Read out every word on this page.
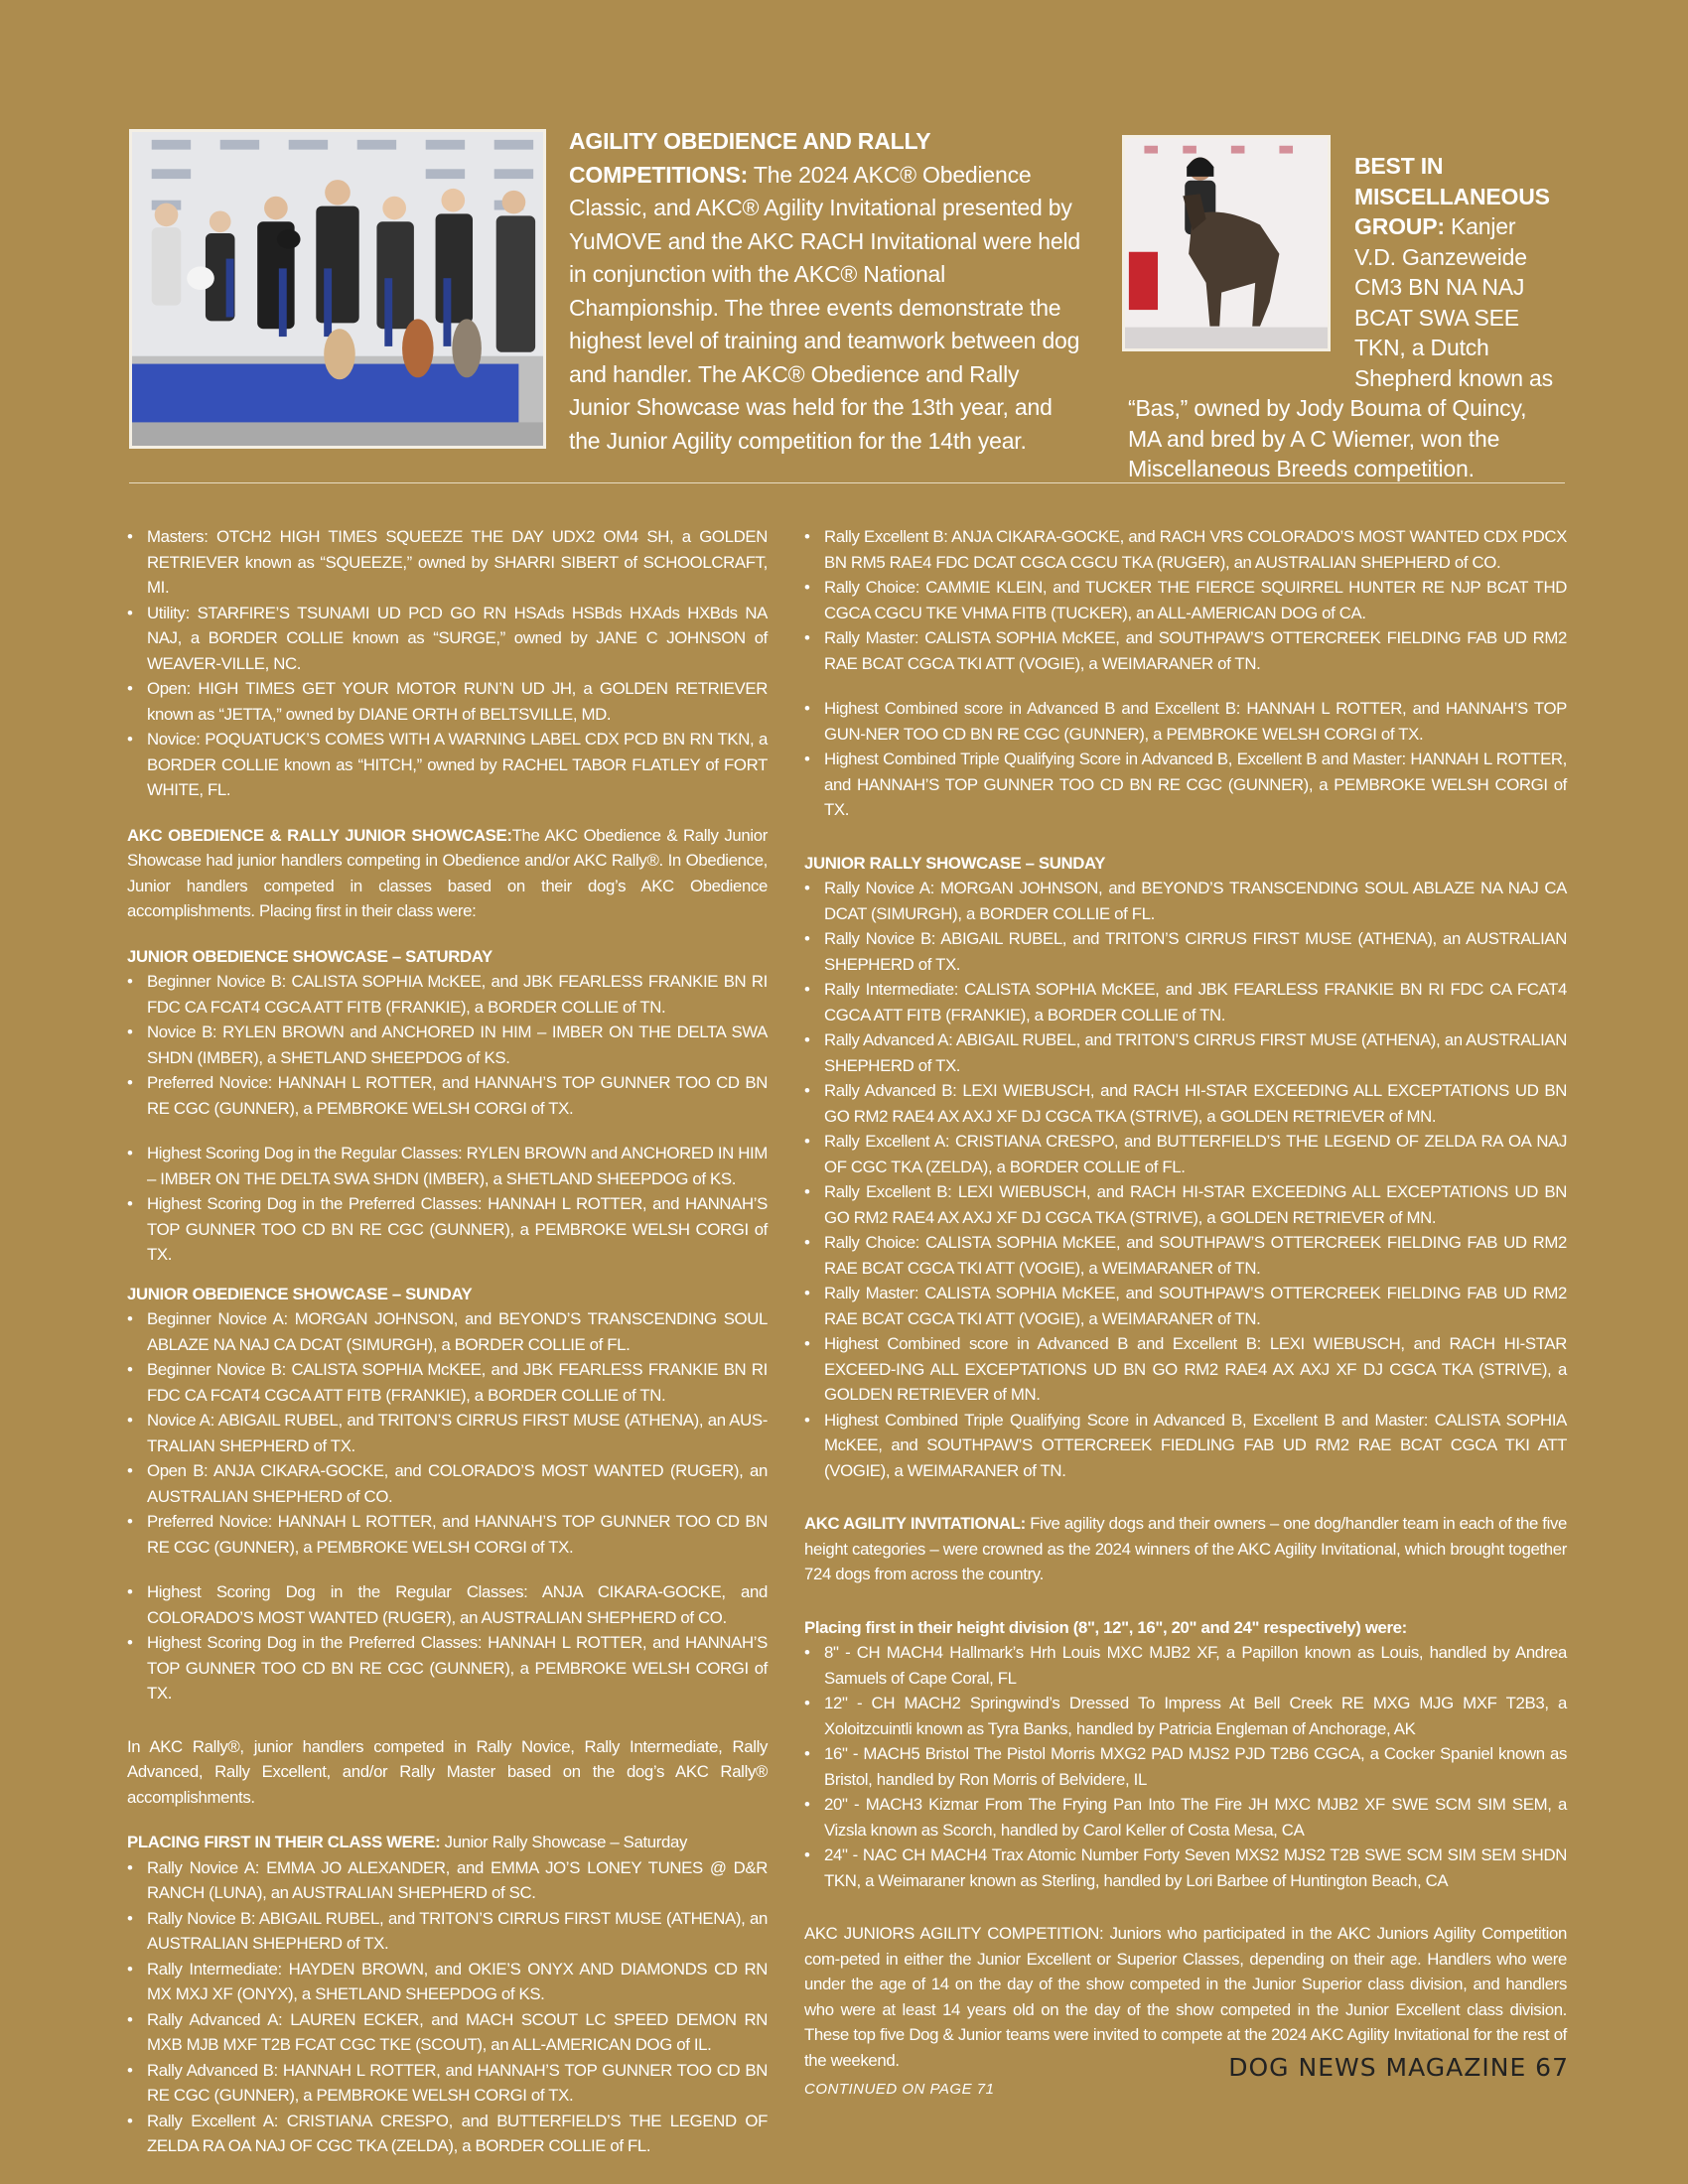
AGILITY OBEDIENCE AND RALLY COMPETITIONS: The 2024 AKC® Obedience Classic, and AKC® Agility Invitational presented by YuMOVE and the AKC RACH Invitational were held in conjunction with the AKC® National Championship. The three events demonstrate the highest level of training and teamwork between dog and handler. The AKC® Obedience and Rally Junior Showcase was held for the 13th year, and the Junior Agility competition for the 14th year.
BEST IN MISCELLANEOUS GROUP: Kanjer V.D. Ganzeweide CM3 BN NA NAJ BCAT SWA SEE TKN, a Dutch Shepherd known as “Bas,” owned by Jody Bouma of Quincy, MA and bred by A C Wiemer, won the Miscellaneous Breeds competition.
• Masters: OTCH2 HIGH TIMES SQUEEZE THE DAY UDX2 OM4 SH, a GOLDEN RETRIEVER known as “SQUEEZE,” owned by SHARRI SIBERT of SCHOOLCRAFT, MI.
• Utility: STARFIRE’S TSUNAMI UD PCD GO RN HSAds HSBds HXAds HXBds NA NAJ, a BORDER COLLIE known as “SURGE,” owned by JANE C JOHNSON of WEAVER-VILLE, NC.
• Open: HIGH TIMES GET YOUR MOTOR RUN’N UD JH, a GOLDEN RETRIEVER known as “JETTA,” owned by DIANE ORTH of BELTSVILLE, MD.
• Novice: POQUATUCK’S COMES WITH A WARNING LABEL CDX PCD BN RN TKN, a BORDER COLLIE known as “HITCH,” owned by RACHEL TABOR FLATLEY of FORT WHITE, FL.

AKC OBEDIENCE & RALLY JUNIOR SHOWCASE:The AKC Obedience & Rally Junior Showcase had junior handlers competing in Obedience and/or AKC Rally®. In Obedience, Junior handlers competed in classes based on their dog’s AKC Obedience accomplishments. Placing first in their class were:

JUNIOR OBEDIENCE SHOWCASE – SATURDAY

• Beginner Novice B: CALISTA SOPHIA McKEE, and JBK FEARLESS FRANKIE BN RI FDC CA FCAT4 CGCA ATT FITB (FRANKIE), a BORDER COLLIE of TN.
• Novice B: RYLEN BROWN and ANCHORED IN HIM – IMBER ON THE DELTA SWA SHDN (IMBER), a SHETLAND SHEEPDOG of KS.
• Preferred Novice: HANNAH L ROTTER, and HANNAH’S TOP GUNNER TOO CD BN RE CGC (GUNNER), a PEMBROKE WELSH CORGI of TX.
• Highest Scoring Dog in the Regular Classes: RYLEN BROWN and ANCHORED IN HIM – IMBER ON THE DELTA SWA SHDN (IMBER), a SHETLAND SHEEPDOG of KS.
• Highest Scoring Dog in the Preferred Classes: HANNAH L ROTTER, and HANNAH’S TOP GUNNER TOO CD BN RE CGC (GUNNER), a PEMBROKE WELSH CORGI of TX.

JUNIOR OBEDIENCE SHOWCASE – SUNDAY

• Beginner Novice A: MORGAN JOHNSON, and BEYOND’S TRANSCENDING SOUL ABLAZE NA NAJ CA DCAT (SIMURGH), a BORDER COLLIE of FL.
• Beginner Novice B: CALISTA SOPHIA McKEE, and JBK FEARLESS FRANKIE BN RI FDC CA FCAT4 CGCA ATT FITB (FRANKIE), a BORDER COLLIE of TN.
• Novice A: ABIGAIL RUBEL, and TRITON’S CIRRUS FIRST MUSE (ATHENA), an AUS-TRALIAN SHEPHERD of TX.
• Open B: ANJA CIKARA-GOCKE, and COLORADO’S MOST WANTED (RUGER), an AUSTRALIAN SHEPHERD of CO.
• Preferred Novice: HANNAH L ROTTER, and HANNAH’S TOP GUNNER TOO CD BN RE CGC (GUNNER), a PEMBROKE WELSH CORGI of TX.
• Highest Scoring Dog in the Regular Classes: ANJA CIKARA-GOCKE, and COLORADO’S MOST WANTED (RUGER), an AUSTRALIAN SHEPHERD of CO.
• Highest Scoring Dog in the Preferred Classes: HANNAH L ROTTER, and HANNAH’S TOP GUNNER TOO CD BN RE CGC (GUNNER), a PEMBROKE WELSH CORGI of TX.

In AKC Rally®, junior handlers competed in Rally Novice, Rally Intermediate, Rally Advanced, Rally Excellent, and/or Rally Master based on the dog’s AKC Rally® accomplishments.

PLACING FIRST IN THEIR CLASS WERE: Junior Rally Showcase – Saturday

• Rally Novice A: EMMA JO ALEXANDER, and EMMA JO’S LONEY TUNES @ D&R RANCH (LUNA), an AUSTRALIAN SHEPHERD of SC.
• Rally Novice B: ABIGAIL RUBEL, and TRITON’S CIRRUS FIRST MUSE (ATHENA), an AUSTRALIAN SHEPHERD of TX.
• Rally Intermediate: HAYDEN BROWN, and OKIE’S ONYX AND DIAMONDS CD RN MX MXJ XF (ONYX), a SHETLAND SHEEPDOG of KS.
• Rally Advanced A: LAUREN ECKER, and MACH SCOUT LC SPEED DEMON RN MXB MJB MXF T2B FCAT CGC TKE (SCOUT), an ALL-AMERICAN DOG of IL.
• Rally Advanced B: HANNAH L ROTTER, and HANNAH’S TOP GUNNER TOO CD BN RE CGC (GUNNER), a PEMBROKE WELSH CORGI of TX.
• Rally Excellent A: CRISTIANA CRESPO, and BUTTERFIELD’S THE LEGEND OF ZELDA RA OA NAJ OF CGC TKA (ZELDA), a BORDER COLLIE of FL.
• Rally Excellent B: ANJA CIKARA-GOCKE, and RACH VRS COLORADO’S MOST WANTED CDX PDCX BN RM5 RAE4 FDC DCAT CGCA CGCU TKA (RUGER), an AUSTRALIAN SHEPHERD of CO.
• Rally Choice: CAMMIE KLEIN, and TUCKER THE FIERCE SQUIRREL HUNTER RE NJP BCAT THD CGCA CGCU TKE VHMA FITB (TUCKER), an ALL-AMERICAN DOG of CA.
• Rally Master: CALISTA SOPHIA McKEE, and SOUTHPAW’S OTTERCREEK FIELDING FAB UD RM2 RAE BCAT CGCA TKI ATT (VOGIE), a WEIMARANER of TN.
• Highest Combined score in Advanced B and Excellent B: HANNAH L ROTTER, and HANNAH’S TOP GUN-NER TOO CD BN RE CGC (GUNNER), a PEMBROKE WELSH CORGI of TX.
• Highest Combined Triple Qualifying Score in Advanced B, Excellent B and Master: HANNAH L ROTTER, and HANNAH’S TOP GUNNER TOO CD BN RE CGC (GUNNER), a PEMBROKE WELSH CORGI of TX.

JUNIOR RALLY SHOWCASE – SUNDAY

• Rally Novice A: MORGAN JOHNSON, and BEYOND’S TRANSCENDING SOUL ABLAZE NA NAJ CA DCAT (SIMURGH), a BORDER COLLIE of FL.
• Rally Novice B: ABIGAIL RUBEL, and TRITON’S CIRRUS FIRST MUSE (ATHENA), an AUSTRALIAN SHEPHERD of TX.
• Rally Intermediate: CALISTA SOPHIA McKEE, and JBK FEARLESS FRANKIE BN RI FDC CA FCAT4 CGCA ATT FITB (FRANKIE), a BORDER COLLIE of TN.
• Rally Advanced A: ABIGAIL RUBEL, and TRITON’S CIRRUS FIRST MUSE (ATHENA), an AUSTRALIAN SHEPHERD of TX.
• Rally Advanced B: LEXI WIEBUSCH, and RACH HI-STAR EXCEEDING ALL EXCEPTATIONS UD BN GO RM2 RAE4 AX AXJ XF DJ CGCA TKA (STRIVE), a GOLDEN RETRIEVER of MN.
• Rally Excellent A: CRISTIANA CRESPO, and BUTTERFIELD’S THE LEGEND OF ZELDA RA OA NAJ OF CGC TKA (ZELDA), a BORDER COLLIE of FL.
• Rally Excellent B: LEXI WIEBUSCH, and RACH HI-STAR EXCEEDING ALL EXCEPTATIONS UD BN GO RM2 RAE4 AX AXJ XF DJ CGCA TKA (STRIVE), a GOLDEN RETRIEVER of MN.
• Rally Choice: CALISTA SOPHIA McKEE, and SOUTHPAW’S OTTERCREEK FIELDING FAB UD RM2 RAE BCAT CGCA TKI ATT (VOGIE), a WEIMARANER of TN.
• Rally Master: CALISTA SOPHIA McKEE, and SOUTHPAW’S OTTERCREEK FIELDING FAB UD RM2 RAE BCAT CGCA TKI ATT (VOGIE), a WEIMARANER of TN.
• Highest Combined score in Advanced B and Excellent B: LEXI WIEBUSCH, and RACH HI-STAR EXCEED-ING ALL EXCEPTATIONS UD BN GO RM2 RAE4 AX AXJ XF DJ CGCA TKA (STRIVE), a GOLDEN RETRIEVER of MN.
• Highest Combined Triple Qualifying Score in Advanced B, Excellent B and Master: CALISTA SOPHIA McKEE, and SOUTHPAW’S OTTERCREEK FIEDLING FAB UD RM2 RAE BCAT CGCA TKI ATT (VOGIE), a WEIMARANER of TN.

AKC AGILITY INVITATIONAL: Five agility dogs and their owners – one dog/handler team in each of the five height categories – were crowned as the 2024 winners of the AKC Agility Invitational, which brought together 724 dogs from across the country.

Placing first in their height division (8", 12", 16", 20" and 24" respectively) were:

• 8" - CH MACH4 Hallmark’s Hrh Louis MXC MJB2 XF, a Papillon known as Louis, handled by Andrea Samuels of Cape Coral, FL
• 12" - CH MACH2 Springwind’s Dressed To Impress At Bell Creek RE MXG MJG MXF T2B3, a Xoloitzcuintli known as Tyra Banks, handled by Patricia Engleman of Anchorage, AK
• 16" - MACH5 Bristol The Pistol Morris MXG2 PAD MJS2 PJD T2B6 CGCA, a Cocker Spaniel known as Bristol, handled by Ron Morris of Belvidere, IL
• 20" - MACH3 Kizmar From The Frying Pan Into The Fire JH MXC MJB2 XF SWE SCM SIM SEM, a Vizsla known as Scorch, handled by Carol Keller of Costa Mesa, CA
• 24" - NAC CH MACH4 Trax Atomic Number Forty Seven MXS2 MJS2 T2B SWE SCM SIM SEM SHDN TKN, a Weimaraner known as Sterling, handled by Lori Barbee of Huntington Beach, CA

AKC JUNIORS AGILITY COMPETITION: Juniors who participated in the AKC Juniors Agility Competition com-peted in either the Junior Excellent or Superior Classes, depending on their age. Handlers who were under the age of 14 on the day of the show competed in the Junior Superior class division, and handlers who were at least 14 years old on the day of the show competed in the Junior Excellent class division. These top five Dog & Junior teams were invited to compete at the 2024 AKC Agility Invitational for the rest of the weekend.

CONTINUED ON PAGE 71

DOG NEWS MAGAZINE 67
